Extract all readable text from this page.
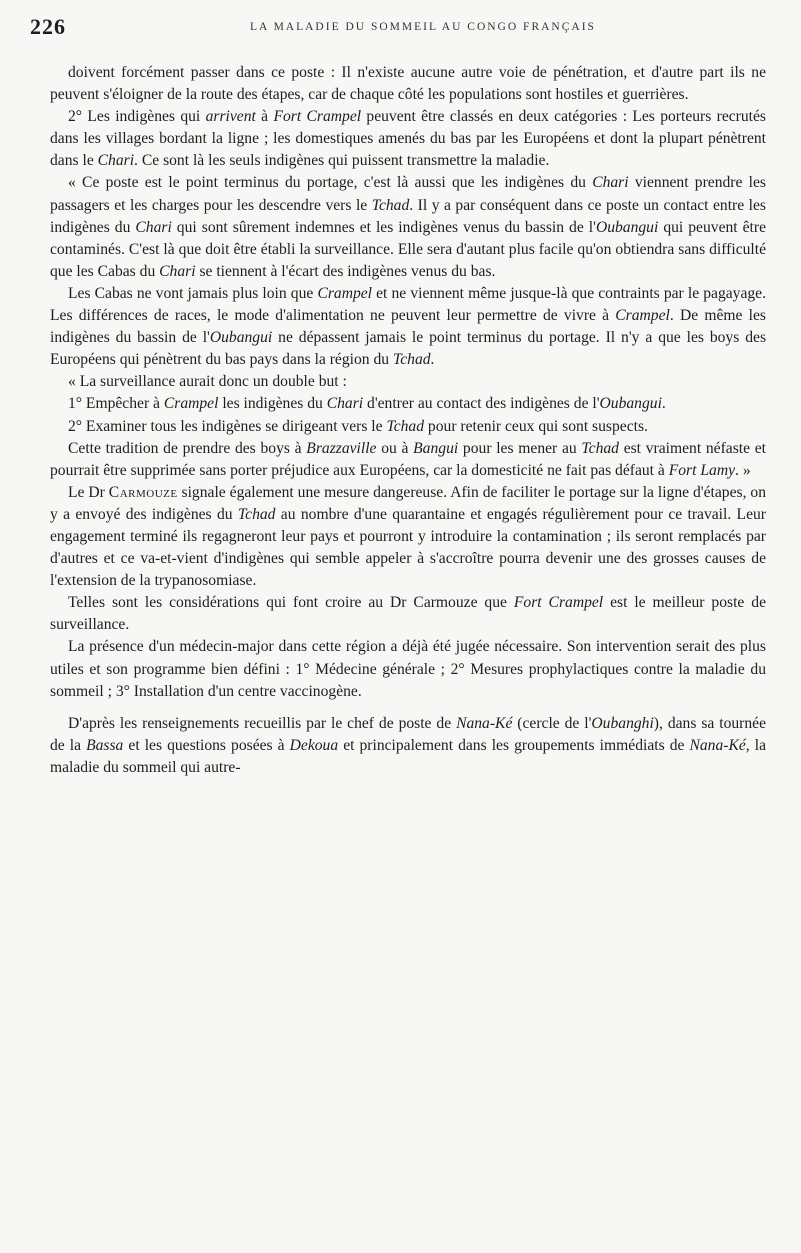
226	LA MALADIE DU SOMMEIL AU CONGO FRANÇAIS

doivent forcément passer dans ce poste : Il n'existe aucune autre voie de pénétration, et d'autre part ils ne peuvent s'éloigner de la route des étapes, car de chaque côté les populations sont hostiles et guerrières.

2° Les indigènes qui arrivent à Fort Crampel peuvent être classés en deux catégories : Les porteurs recrutés dans les villages bordant la ligne ; les domestiques amenés du bas par les Européens et dont la plupart pénètrent dans le Chari. Ce sont là les seuls indigènes qui puissent transmettre la maladie.

« Ce poste est le point terminus du portage, c'est là aussi que les indigènes du Chari viennent prendre les passagers et les charges pour les descendre vers le Tchad. Il y a par conséquent dans ce poste un contact entre les indigènes du Chari qui sont sûrement indemnes et les indigènes venus du bassin de l'Oubangui qui peuvent être contaminés. C'est là que doit être établi la surveillance. Elle sera d'autant plus facile qu'on obtiendra sans difficulté que les Cabas du Chari se tiennent à l'écart des indigènes venus du bas.

Les Cabas ne vont jamais plus loin que Crampel et ne viennent même jusque-là que contraints par le pagayage. Les différences de races, le mode d'alimentation ne peuvent leur permettre de vivre à Crampel. De même les indigènes du bassin de l'Oubangui ne dépassent jamais le point terminus du portage. Il n'y a que les boys des Européens qui pénètrent du bas pays dans la région du Tchad.

« La surveillance aurait donc un double but :

1° Empêcher à Crampel les indigènes du Chari d'entrer au contact des indigènes de l'Oubangui.

2° Examiner tous les indigènes se dirigeant vers le Tchad pour retenir ceux qui sont suspects.

Cette tradition de prendre des boys à Brazzaville ou à Bangui pour les mener au Tchad est vraiment néfaste et pourrait être supprimée sans porter préjudice aux Européens, car la domesticité ne fait pas défaut à Fort Lamy. »

Le Dr Carmouze signale également une mesure dangereuse. Afin de faciliter le portage sur la ligne d'étapes, on y a envoyé des indigènes du Tchad au nombre d'une quarantaine et engagés régulièrement pour ce travail. Leur engagement terminé ils regagneront leur pays et pourront y introduire la contamination ; ils seront remplacés par d'autres et ce va-et-vient d'indigènes qui semble appeler à s'accroître pourra devenir une des grosses causes de l'extension de la trypanosomiase.

Telles sont les considérations qui font croire au Dr Carmouze que Fort Crampel est le meilleur poste de surveillance.

La présence d'un médecin-major dans cette région a déjà été jugée nécessaire. Son intervention serait des plus utiles et son programme bien défini : 1° Médecine générale ; 2° Mesures prophylactiques contre la maladie du sommeil ; 3° Installation d'un centre vaccinogène.

D'après les renseignements recueillis par le chef de poste de Nana-Ké (cercle de l'Oubanghi), dans sa tournée de la Bassa et les questions posées à Dekoua et principalement dans les groupements immédiats de Nana-Ké, la maladie du sommeil qui autre-
